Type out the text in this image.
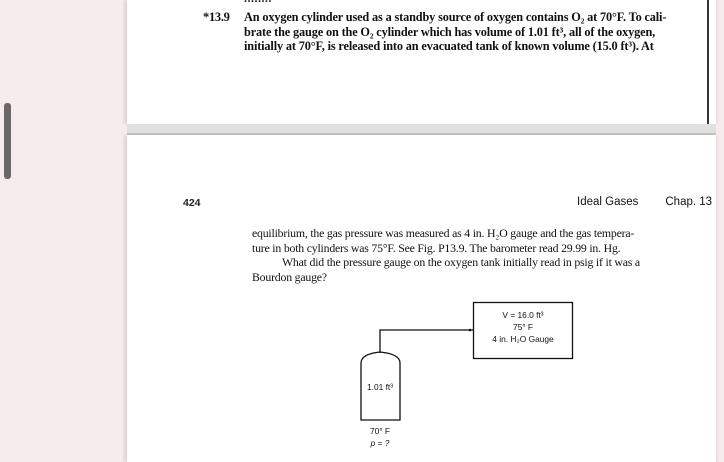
*13.9 An oxygen cylinder used as a standby source of oxygen contains O₂ at 70°F. To cali-
brate the gauge on the O₂ cylinder which has volume of 1.01 ft³, all of the oxygen,
initially at 70°F, is released into an evacuated tank of known volume (15.0 ft³). At
424	Ideal Gases Chap. 13
equilibrium, the gas pressure was measured as 4 in. H₂O gauge and the gas tempera-
ture in both cylinders was 75°F. See Fig. P13.9. The barometer read 29.99 in. Hg.
What did the pressure gauge on the oxygen tank initially read in psig if it was a
Bourdon gauge?
V = 16.0 ft³
75° F
4 in. H₂O Gauge
1.01 ft³
70° F
p = ?
